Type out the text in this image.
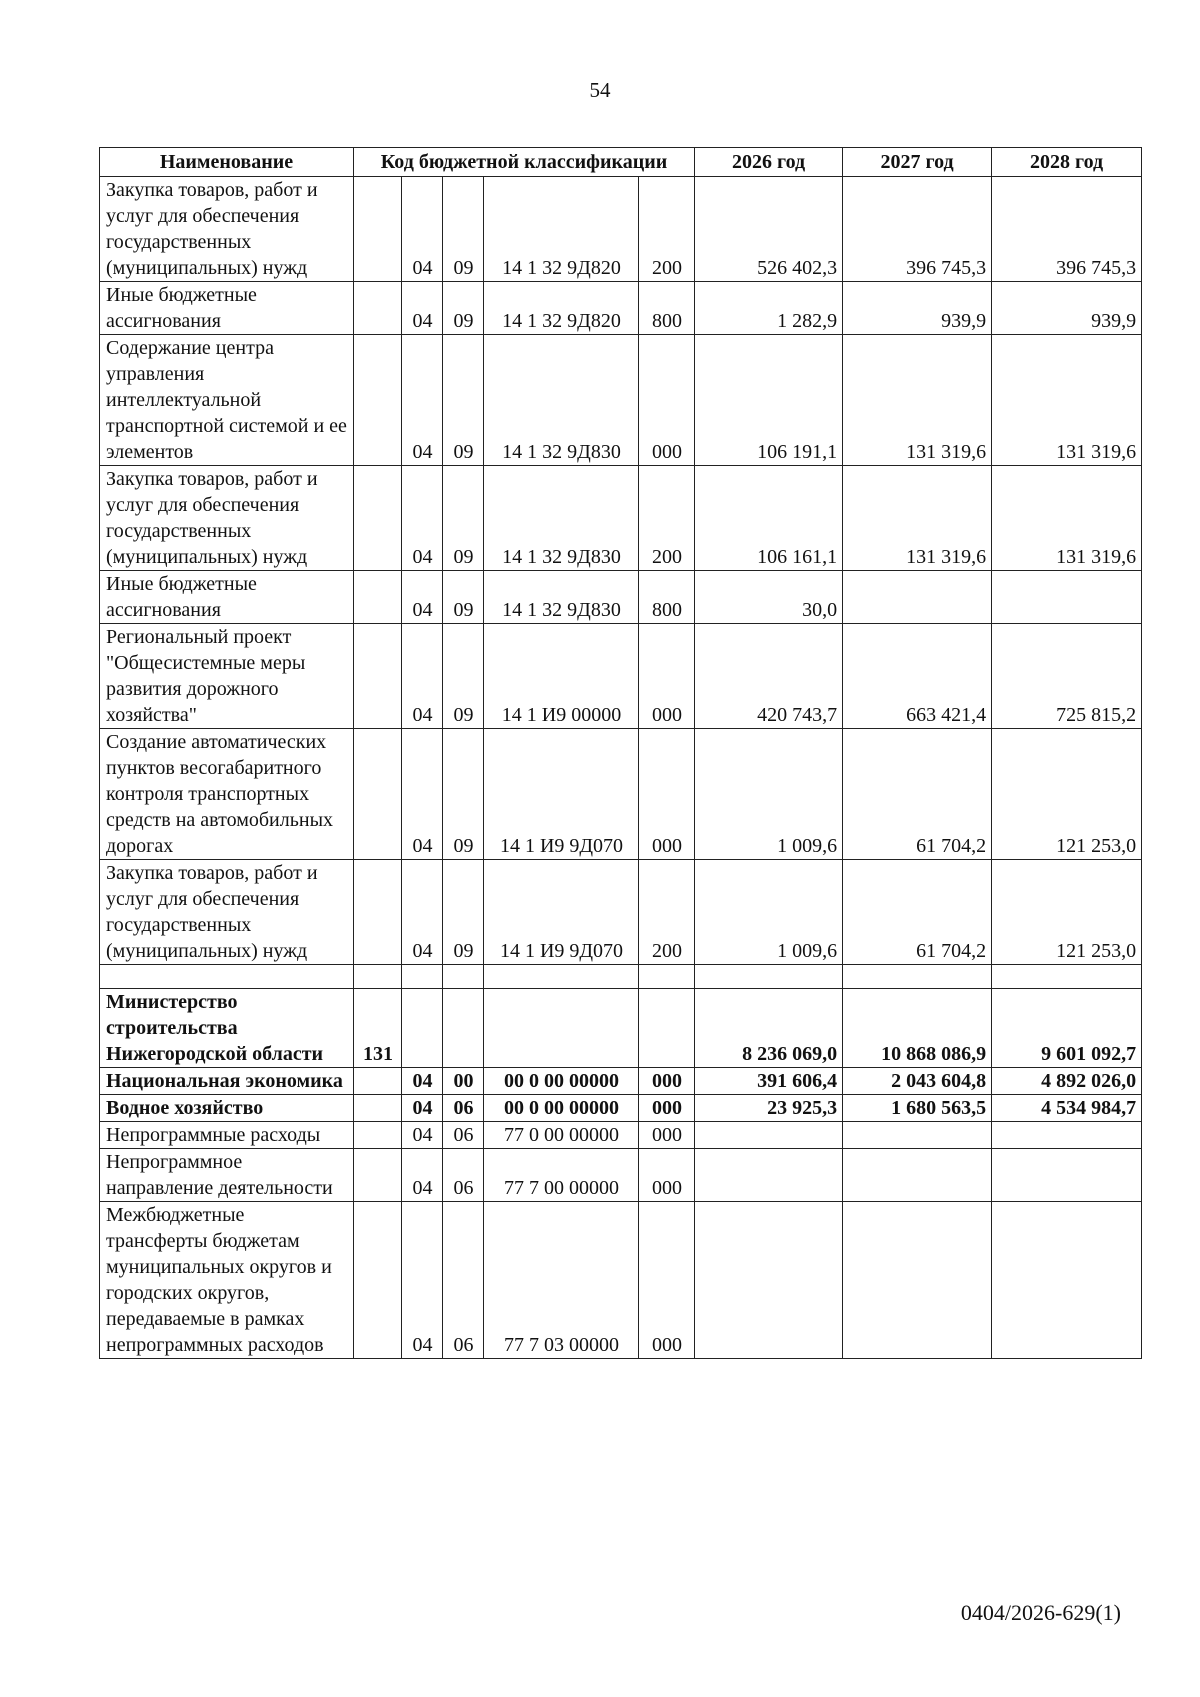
54
Наименование	Код бюджетной классификации					2026 год	2027 год	2028 год
Закупка товаров, работ и услуг для обеспечения государственных (муниципальных) нужд		04	09	14 1 32 9Д820	200	526 402,3	396 745,3	396 745,3
Иные бюджетные ассигнования		04	09	14 1 32 9Д820	800	1 282,9	939,9	939,9
Содержание центра управления интеллектуальной транспортной системой и ее элементов		04	09	14 1 32 9Д830	000	106 191,1	131 319,6	131 319,6
Закупка товаров, работ и услуг для обеспечения государственных (муниципальных) нужд		04	09	14 1 32 9Д830	200	106 161,1	131 319,6	131 319,6
Иные бюджетные ассигнования		04	09	14 1 32 9Д830	800	30,0		
Региональный проект "Общесистемные меры развития дорожного хозяйства"		04	09	14 1 И9 00000	000	420 743,7	663 421,4	725 815,2
Создание автоматических пунктов весогабаритного контроля транспортных средств на автомобильных дорогах		04	09	14 1 И9 9Д070	000	1 009,6	61 704,2	121 253,0
Закупка товаров, работ и услуг для обеспечения государственных (муниципальных) нужд		04	09	14 1 И9 9Д070	200	1 009,6	61 704,2	121 253,0

Министерство строительства Нижегородской области	131					8 236 069,0	10 868 086,9	9 601 092,7
Национальная экономика		04	00	00 0 00 00000	000	391 606,4	2 043 604,8	4 892 026,0
Водное хозяйство		04	06	00 0 00 00000	000	23 925,3	1 680 563,5	4 534 984,7
Непрограммные расходы		04	06	77 0 00 00000	000			
Непрограммное направление деятельности		04	06	77 7 00 00000	000			
Межбюджетные трансферты бюджетам муниципальных округов и городских округов, передаваемые в рамках непрограммных расходов		04	06	77 7 03 00000	000			
0404/2026-629(1)
